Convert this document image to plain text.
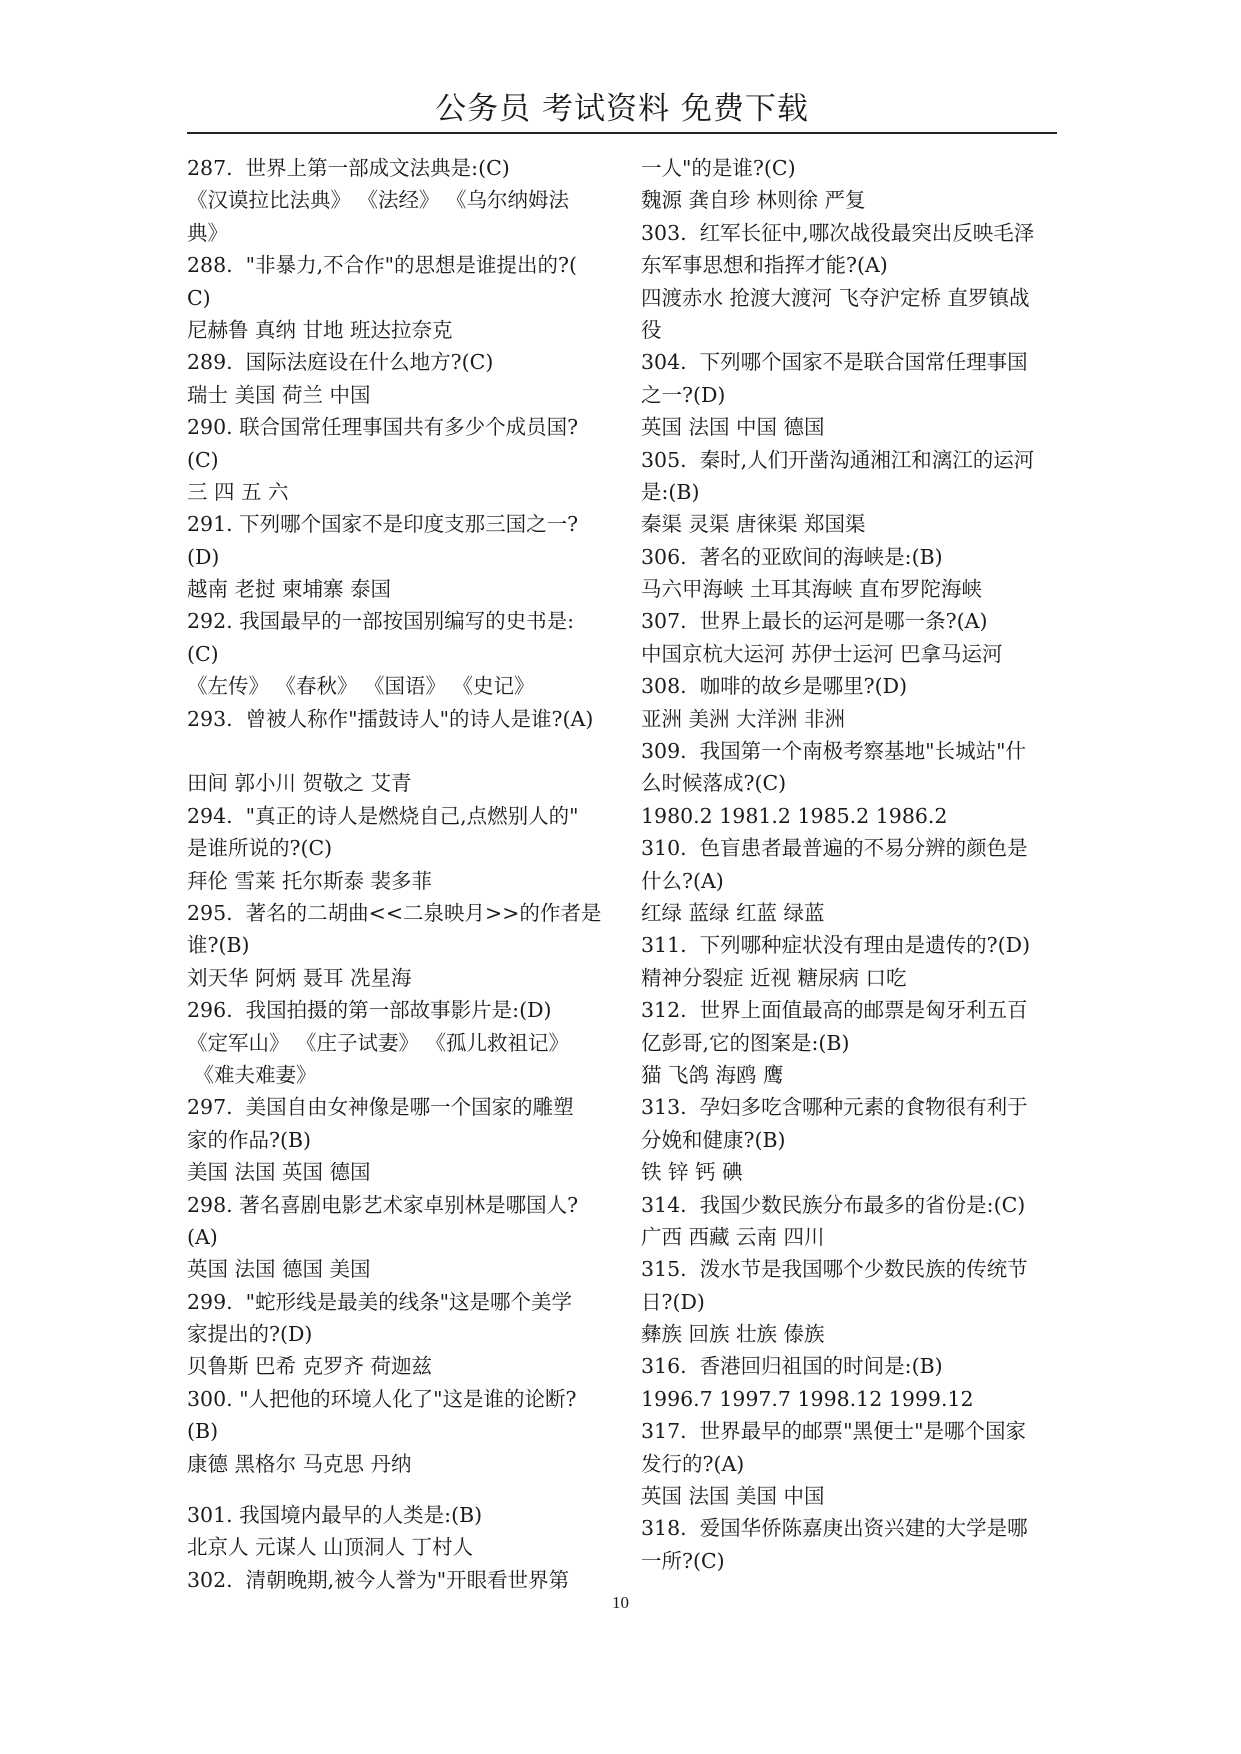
公务员 考试资料 免费下载
287.  世界上第一部成文法典是:(C)
《汉谟拉比法典》 《法经》 《乌尔纳姆法
典》
288.  "非暴力,不合作"的思想是谁提出的?(
C)
尼赫鲁 真纳 甘地 班达拉奈克
289.  国际法庭设在什么地方?(C)
瑞士 美国 荷兰 中国
290. 联合国常任理事国共有多少个成员国?
(C)
三 四 五 六
291. 下列哪个国家不是印度支那三国之一?
(D)
越南 老挝 柬埔寨 泰国
292. 我国最早的一部按国别编写的史书是:
(C)
《左传》 《春秋》 《国语》 《史记》
293.  曾被人称作"擂鼓诗人"的诗人是谁?(A)
田间 郭小川 贺敬之 艾青
294.  "真正的诗人是燃烧自己,点燃别人的"
是谁所说的?(C)
拜伦 雪莱 托尔斯泰 裴多菲
295.  著名的二胡曲<<二泉映月>>的作者是
谁?(B)
刘天华 阿炳 聂耳 冼星海
296.  我国拍摄的第一部故事影片是:(D)
《定军山》 《庄子试妻》 《孤儿救祖记》
《难夫难妻》
297.  美国自由女神像是哪一个国家的雕塑
家的作品?(B)
美国 法国 英国 德国
298. 著名喜剧电影艺术家卓别林是哪国人?
(A)
英国 法国 德国 美国
299.  "蛇形线是最美的线条"这是哪个美学
家提出的?(D)
贝鲁斯 巴希 克罗齐 荷迦兹
300. "人把他的环境人化了"这是谁的论断?
(B)
康德 黑格尔 马克思 丹纳
301. 我国境内最早的人类是:(B)
北京人 元谋人 山顶洞人 丁村人
302.  清朝晚期,被今人誉为"开眼看世界第
一人"的是谁?(C)
魏源 龚自珍 林则徐 严复
303.  红军长征中,哪次战役最突出反映毛泽
东军事思想和指挥才能?(A)
四渡赤水 抢渡大渡河 飞夺沪定桥 直罗镇战
役
304.  下列哪个国家不是联合国常任理事国
之一?(D)
英国 法国 中国 德国
305.  秦时,人们开凿沟通湘江和漓江的运河
是:(B)
秦渠 灵渠 唐徕渠 郑国渠
306.  著名的亚欧间的海峡是:(B)
马六甲海峡 土耳其海峡 直布罗陀海峡
307.  世界上最长的运河是哪一条?(A)
中国京杭大运河 苏伊士运河 巴拿马运河
308.  咖啡的故乡是哪里?(D)
亚洲 美洲 大洋洲 非洲
309.  我国第一个南极考察基地"长城站"什
么时候落成?(C)
1980.2 1981.2 1985.2 1986.2
310.  色盲患者最普遍的不易分辨的颜色是
什么?(A)
红绿 蓝绿 红蓝 绿蓝
311.  下列哪种症状没有理由是遗传的?(D)
精神分裂症 近视 糖尿病 口吃
312.  世界上面值最高的邮票是匈牙利五百
亿彭哥,它的图案是:(B)
猫 飞鸽 海鸥 鹰
313.  孕妇多吃含哪种元素的食物很有利于
分娩和健康?(B)
铁 锌 钙 碘
314.  我国少数民族分布最多的省份是:(C)
广西 西藏 云南 四川
315.  泼水节是我国哪个少数民族的传统节
日?(D)
彝族 回族 壮族 傣族
316.  香港回归祖国的时间是:(B)
1996.7 1997.7 1998.12 1999.12
317.  世界最早的邮票"黑便士"是哪个国家
发行的?(A)
英国 法国 美国 中国
318.  爱国华侨陈嘉庚出资兴建的大学是哪
一所?(C)
10
